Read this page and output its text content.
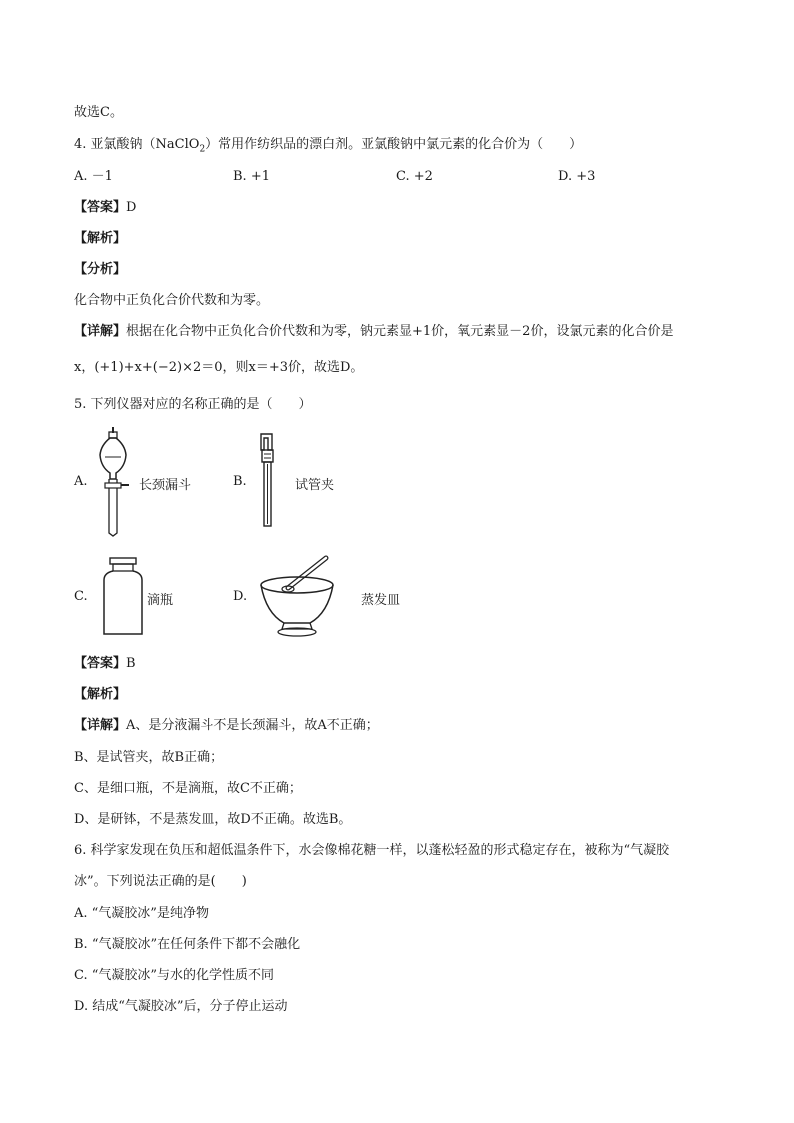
故选C。
4. 亚氯酸钠（NaClO$_2$）常用作纺织品的漂白剂。亚氯酸钠中氯元素的化合价为（　　）
A. －1	B. +1	C. +2	D. +3
【答案】D
【解析】
【分析】
化合物中正负化合价代数和为零。
【详解】根据在化合物中正负化合价代数和为零，钠元素显+1价，氧元素显－2价，设氯元素的化合价是
x，(+1)+x+(−2)×2＝0，则x＝+3价，故选D。
5. 下列仪器对应的名称正确的是（　　）
A.	长颈漏斗	B.	试管夹
C.	滴瓶	D.	蒸发皿
【答案】B
【解析】
【详解】A、是分液漏斗不是长颈漏斗，故A不正确；
B、是试管夹，故B正确；
C、是细口瓶，不是滴瓶，故C不正确；
D、是研钵，不是蒸发皿，故D不正确。故选B。
6. 科学家发现在负压和超低温条件下，水会像棉花糖一样，以蓬松轻盈的形式稳定存在，被称为“气凝胶
冰”。下列说法正确的是(　　)
A. “气凝胶冰”是纯净物
B. “气凝胶冰”在任何条件下都不会融化
C. “气凝胶冰”与水的化学性质不同
D. 结成“气凝胶冰”后，分子停止运动
